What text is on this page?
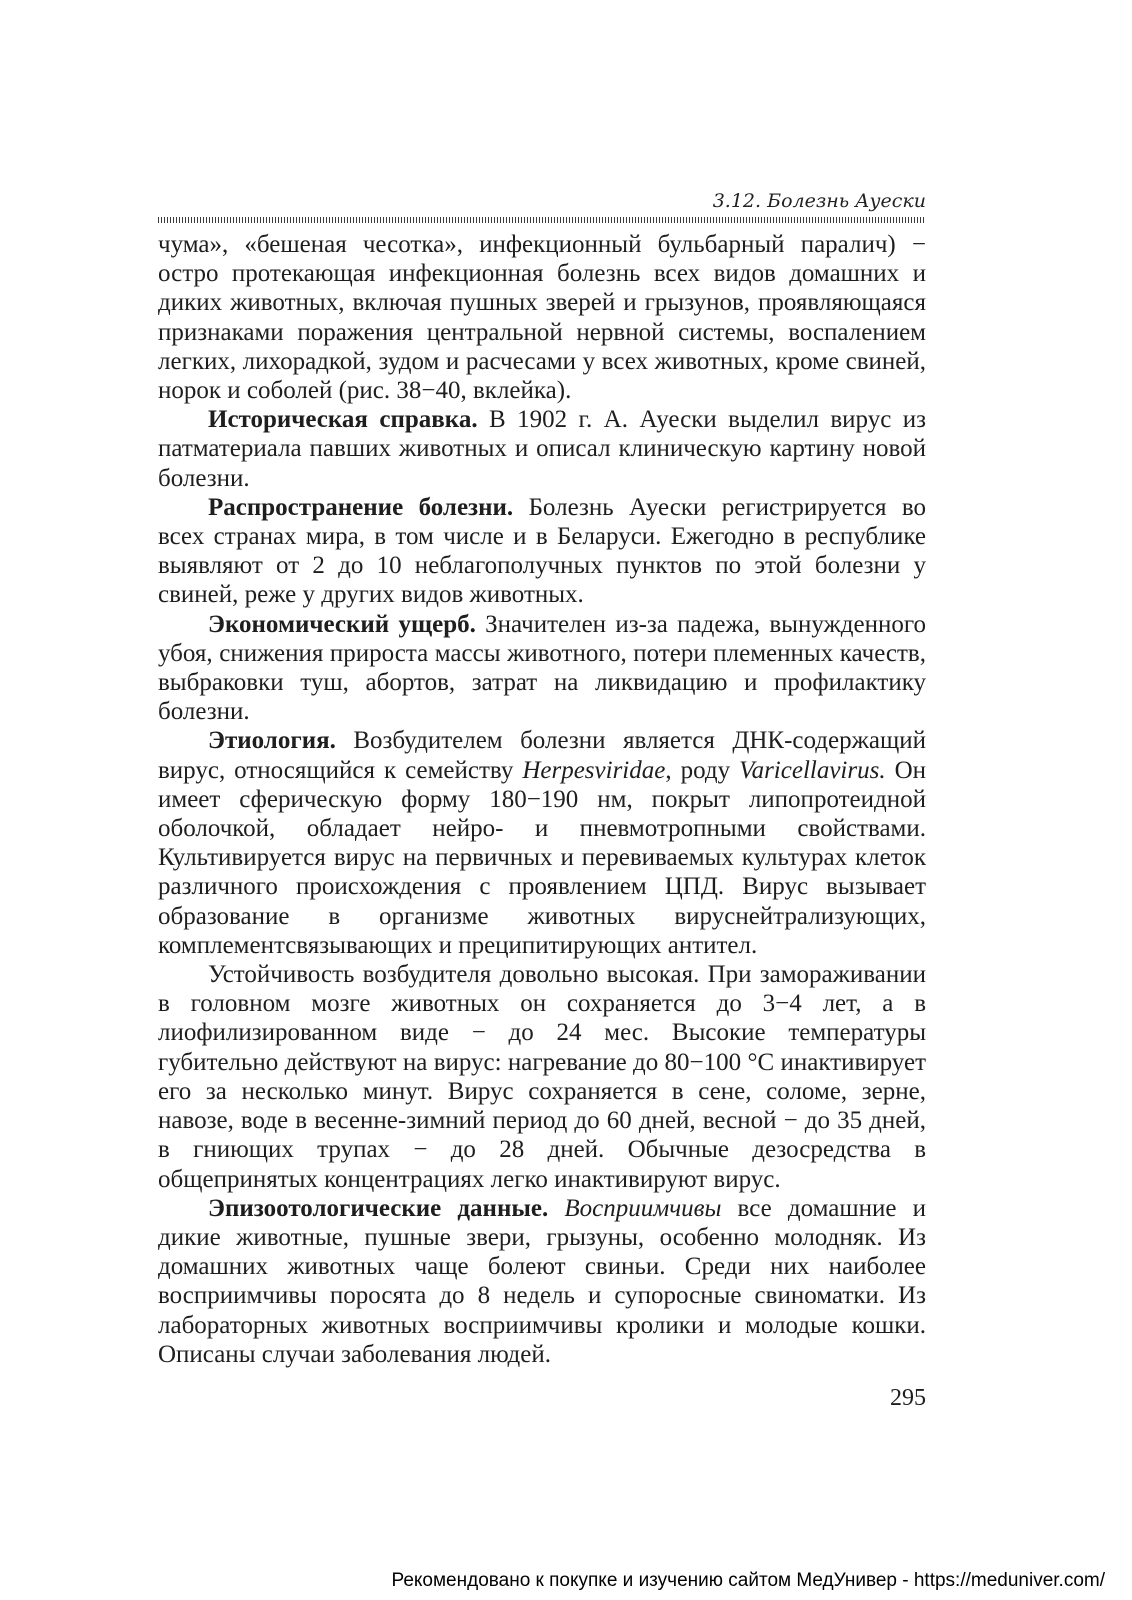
3.12. Болезнь Ауески

чума», «бешеная чесотка», инфекционный бульбарный паралич) − остро протекающая инфекционная болезнь всех видов домашних и диких животных, включая пушных зверей и грызунов, проявляющаяся признаками поражения центральной нервной системы, воспалением легких, лихорадкой, зудом и расчесами у всех животных, кроме свиней, норок и соболей (рис. 38−40, вклейка).

Историческая справка. В 1902 г. А. Ауески выделил вирус из патматериала павших животных и описал клиническую картину новой болезни.

Распространение болезни. Болезнь Ауески регистрируется во всех странах мира, в том числе и в Беларуси. Ежегодно в республике выявляют от 2 до 10 неблагополучных пунктов по этой болезни у свиней, реже у других видов животных.

Экономический ущерб. Значителен из-за падежа, вынужденного убоя, снижения прироста массы животного, потери племенных качеств, выбраковки туш, абортов, затрат на ликвидацию и профилактику болезни.

Этиология. Возбудителем болезни является ДНК-содержащий вирус, относящийся к семейству Herpesviridae, роду Varicellavirus. Он имеет сферическую форму 180−190 нм, покрыт липопротеидной оболочкой, обладает нейро- и пневмотропными свойствами. Культивируется вирус на первичных и перевиваемых культурах клеток различного происхождения с проявлением ЦПД. Вирус вызывает образование в организме животных вируснейтрализующих, комплементсвязывающих и преципитирующих антител.

Устойчивость возбудителя довольно высокая. При замораживании в головном мозге животных он сохраняется до 3−4 лет, а в лиофилизированном виде − до 24 мес. Высокие температуры губительно действуют на вирус: нагревание до 80−100 °С инактивирует его за несколько минут. Вирус сохраняется в сене, соломе, зерне, навозе, воде в весенне-зимний период до 60 дней, весной − до 35 дней, в гниющих трупах − до 28 дней. Обычные дезосредства в общепринятых концентрациях легко инактивируют вирус.

Эпизоотологические данные. Восприимчивы все домашние и дикие животные, пушные звери, грызуны, особенно молодняк. Из домашних животных чаще болеют свиньи. Среди них наиболее восприимчивы поросята до 8 недель и супоросные свиноматки. Из лабораторных животных восприимчивы кролики и молодые кошки. Описаны случаи заболевания людей.

295
Рекомендовано к покупке и изучению сайтом МедУнивер - https://meduniver.com/
